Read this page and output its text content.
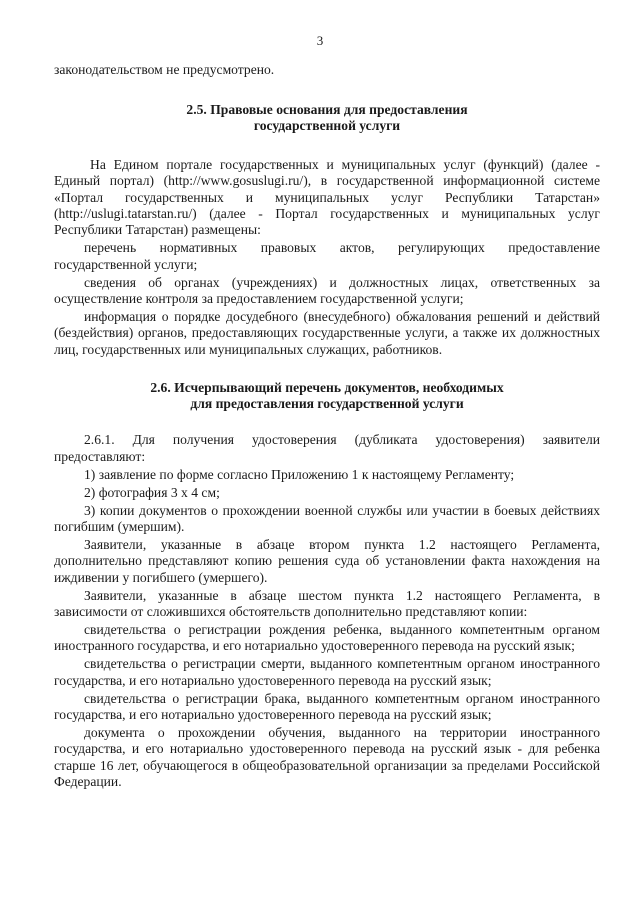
3

законодательством не предусмотрено.

2.5. Правовые основания для предоставления

государственной услуги

На Едином портале государственных и муниципальных услуг (функций) (далее - Единый портал) (http://www.gosuslugi.ru/), в государственной информационной системе «Портал государственных и муниципальных услуг Республики Татарстан» (http://uslugi.tatarstan.ru/) (далее - Портал государственных и муниципальных услуг Республики Татарстан) размещены:

перечень нормативных правовых актов, регулирующих предоставление государственной услуги;

сведения об органах (учреждениях) и должностных лицах, ответственных за осуществление контроля за предоставлением государственной услуги;

информация о порядке досудебного (внесудебного) обжалования решений и действий (бездействия) органов, предоставляющих государственные услуги, а также их должностных лиц, государственных или муниципальных служащих, работников.

2.6. Исчерпывающий перечень документов, необходимых

для предоставления государственной услуги

2.6.1. Для получения удостоверения (дубликата удостоверения) заявители предоставляют:

1) заявление по форме согласно Приложению 1 к настоящему Регламенту;

2) фотография 3 х 4 см;

3) копии документов о прохождении военной службы или участии в боевых действиях погибшим (умершим).

Заявители, указанные в абзаце втором пункта 1.2 настоящего Регламента, дополнительно представляют копию решения суда об установлении факта нахождения на иждивении у погибшего (умершего).

Заявители, указанные в абзаце шестом пункта 1.2 настоящего Регламента, в зависимости от сложившихся обстоятельств дополнительно представляют копии:

свидетельства о регистрации рождения ребенка, выданного компетентным органом иностранного государства, и его нотариально удостоверенного перевода на русский язык;

свидетельства о регистрации смерти, выданного компетентным органом иностранного государства, и его нотариально удостоверенного перевода на русский язык;

свидетельства о регистрации брака, выданного компетентным органом иностранного государства, и его нотариально удостоверенного перевода на русский язык;

документа о прохождении обучения, выданного на территории иностранного государства, и его нотариально удостоверенного перевода на русский язык - для ребенка старше 16 лет, обучающегося в общеобразовательной организации за пределами Российской Федерации.
